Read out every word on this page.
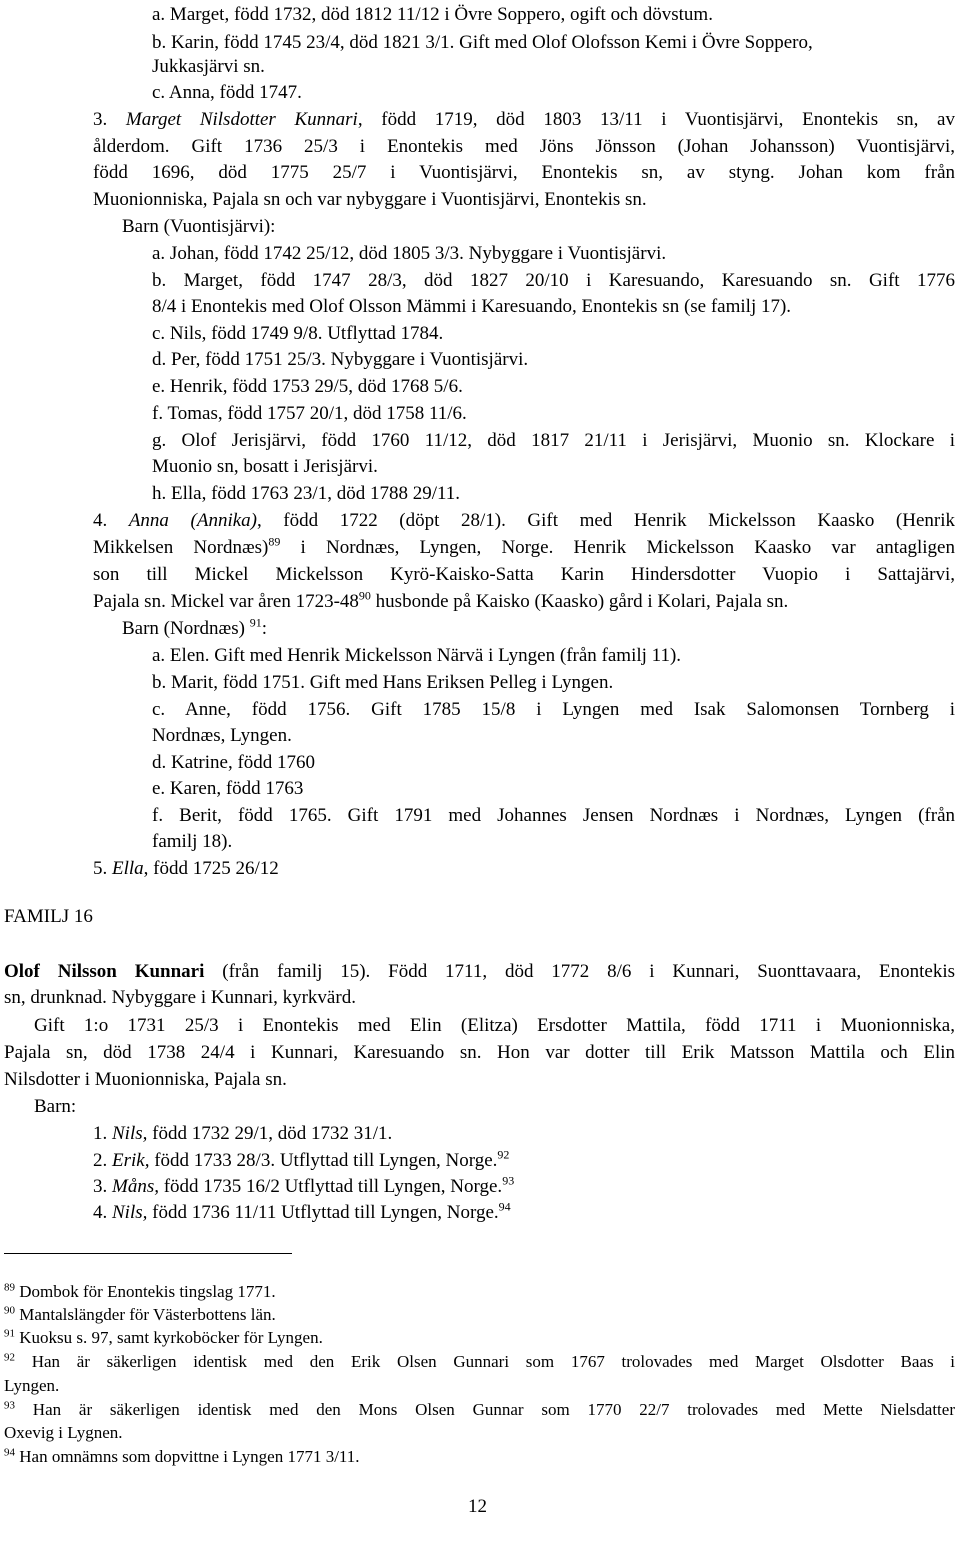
a. Marget, född 1732, död 1812 11/12 i Övre Soppero, ogift och dövstum.
b. Karin, född 1745 23/4, död 1821 3/1. Gift med Olof Olofsson Kemi i Övre Soppero,
Jukkasjärvi sn.
c. Anna, född 1747.
3. Marget Nilsdotter Kunnari, född 1719, död 1803 13/11 i Vuontisjärvi, Enontekis sn, av
ålderdom. Gift 1736 25/3 i Enontekis med Jöns Jönsson (Johan Johansson) Vuontisjärvi,
född 1696, död 1775 25/7 i Vuontisjärvi, Enontekis sn, av styng. Johan kom från
Muonionniska, Pajala sn och var nybyggare i Vuontisjärvi, Enontekis sn.
Barn (Vuontisjärvi):
a. Johan, född 1742 25/12, död 1805 3/3. Nybyggare i Vuontisjärvi.
b. Marget, född 1747 28/3, död 1827 20/10 i Karesuando, Karesuando sn. Gift 1776
8/4 i Enontekis med Olof Olsson Mämmi i Karesuando, Enontekis sn (se familj 17).
c. Nils, född 1749 9/8. Utflyttad 1784.
d. Per, född 1751 25/3. Nybyggare i Vuontisjärvi.
e. Henrik, född 1753 29/5, död 1768 5/6.
f. Tomas, född 1757 20/1, död 1758 11/6.
g. Olof Jerisjärvi, född 1760 11/12, död 1817 21/11 i Jerisjärvi, Muonio sn. Klockare i
Muonio sn, bosatt i Jerisjärvi.
h. Ella, född 1763 23/1, död 1788 29/11.
4. Anna (Annika), född 1722 (döpt 28/1). Gift med Henrik Mickelsson Kaasko (Henrik
Mikkelsen Nordnæs)$^{89}$ i Nordnæs, Lyngen, Norge. Henrik Mickelsson Kaasko var antagligen
son till Mickel Mickelsson Kyrö-Kaisko-Satta Karin Hindersdotter Vuopio i Sattajärvi,
Pajala sn. Mickel var åren $1723-48^{90}$ husbonde på Kaisko (Kaasko) gård i Kolari, Pajala sn.
Barn (Nordnæs) $^{91}$:
a. Elen. Gift med Henrik Mickelsson Närvä i Lyngen (från familj 11).
b. Marit, född 1751. Gift med Hans Eriksen Pelleg i Lyngen.
c. Anne, född 1756. Gift 1785 15/8 i Lyngen med Isak Salomonsen Tornberg i
Nordnæs, Lyngen.
d. Katrine, född 1760
e. Karen, född 1763
f. Berit, född 1765. Gift 1791 med Johannes Jensen Nordnæs i Nordnæs, Lyngen (från
familj 18).
5. Ella, född 1725 26/12
Olof Nilsson Kunnari (från familj 15). Född 1711, död 1772 8/6 i Kunnari, Suonttavaara, Enontekis
sn, drunknad. Nybyggare i Kunnari, kyrkvärd.
Gift 1:o 1731 25/3 i Enontekis med Elin (Elitza) Ersdotter Mattila, född 1711 i Muonionniska,
Pajala sn, död 1738 24/4 i Kunnari, Karesuando sn. Hon var dotter till Erik Matsson Mattila och Elin
Nilsdotter i Muonionniska, Pajala sn.
Barn:
1. Nils, född 1732 29/1, död 1732 31/1.
2. Erik, född 1733 28/3. Utflyttad till Lyngen, Norge.$^{92}$
3. Måns, född 1735 16/2 Utflyttad till Lyngen, Norge.$^{93}$
4. Nils, född 1736 11/11 Utflyttad till Lyngen, Norge.$^{94}$
FAMILJ 16
$^{89}$ Dombok för Enontekis tingslag 1771.
$^{90}$ Mantalslängder för Västerbottens län.
$^{91}$ Kuoksu s. 97, samt kyrkoböcker för Lyngen.
$^{92}$ Han är säkerligen identisk med den Erik Olsen Gunnari som 1767 trolovades med Marget Olsdotter Baas i
Lyngen.
$^{93}$ Han är säkerligen identisk med den Mons Olsen Gunnar som 1770 22/7 trolovades med Mette Nielsdatter
Oxevig i Lygnen.
$^{94}$ Han omnämns som dopvittne i Lyngen 1771 3/11.
12
